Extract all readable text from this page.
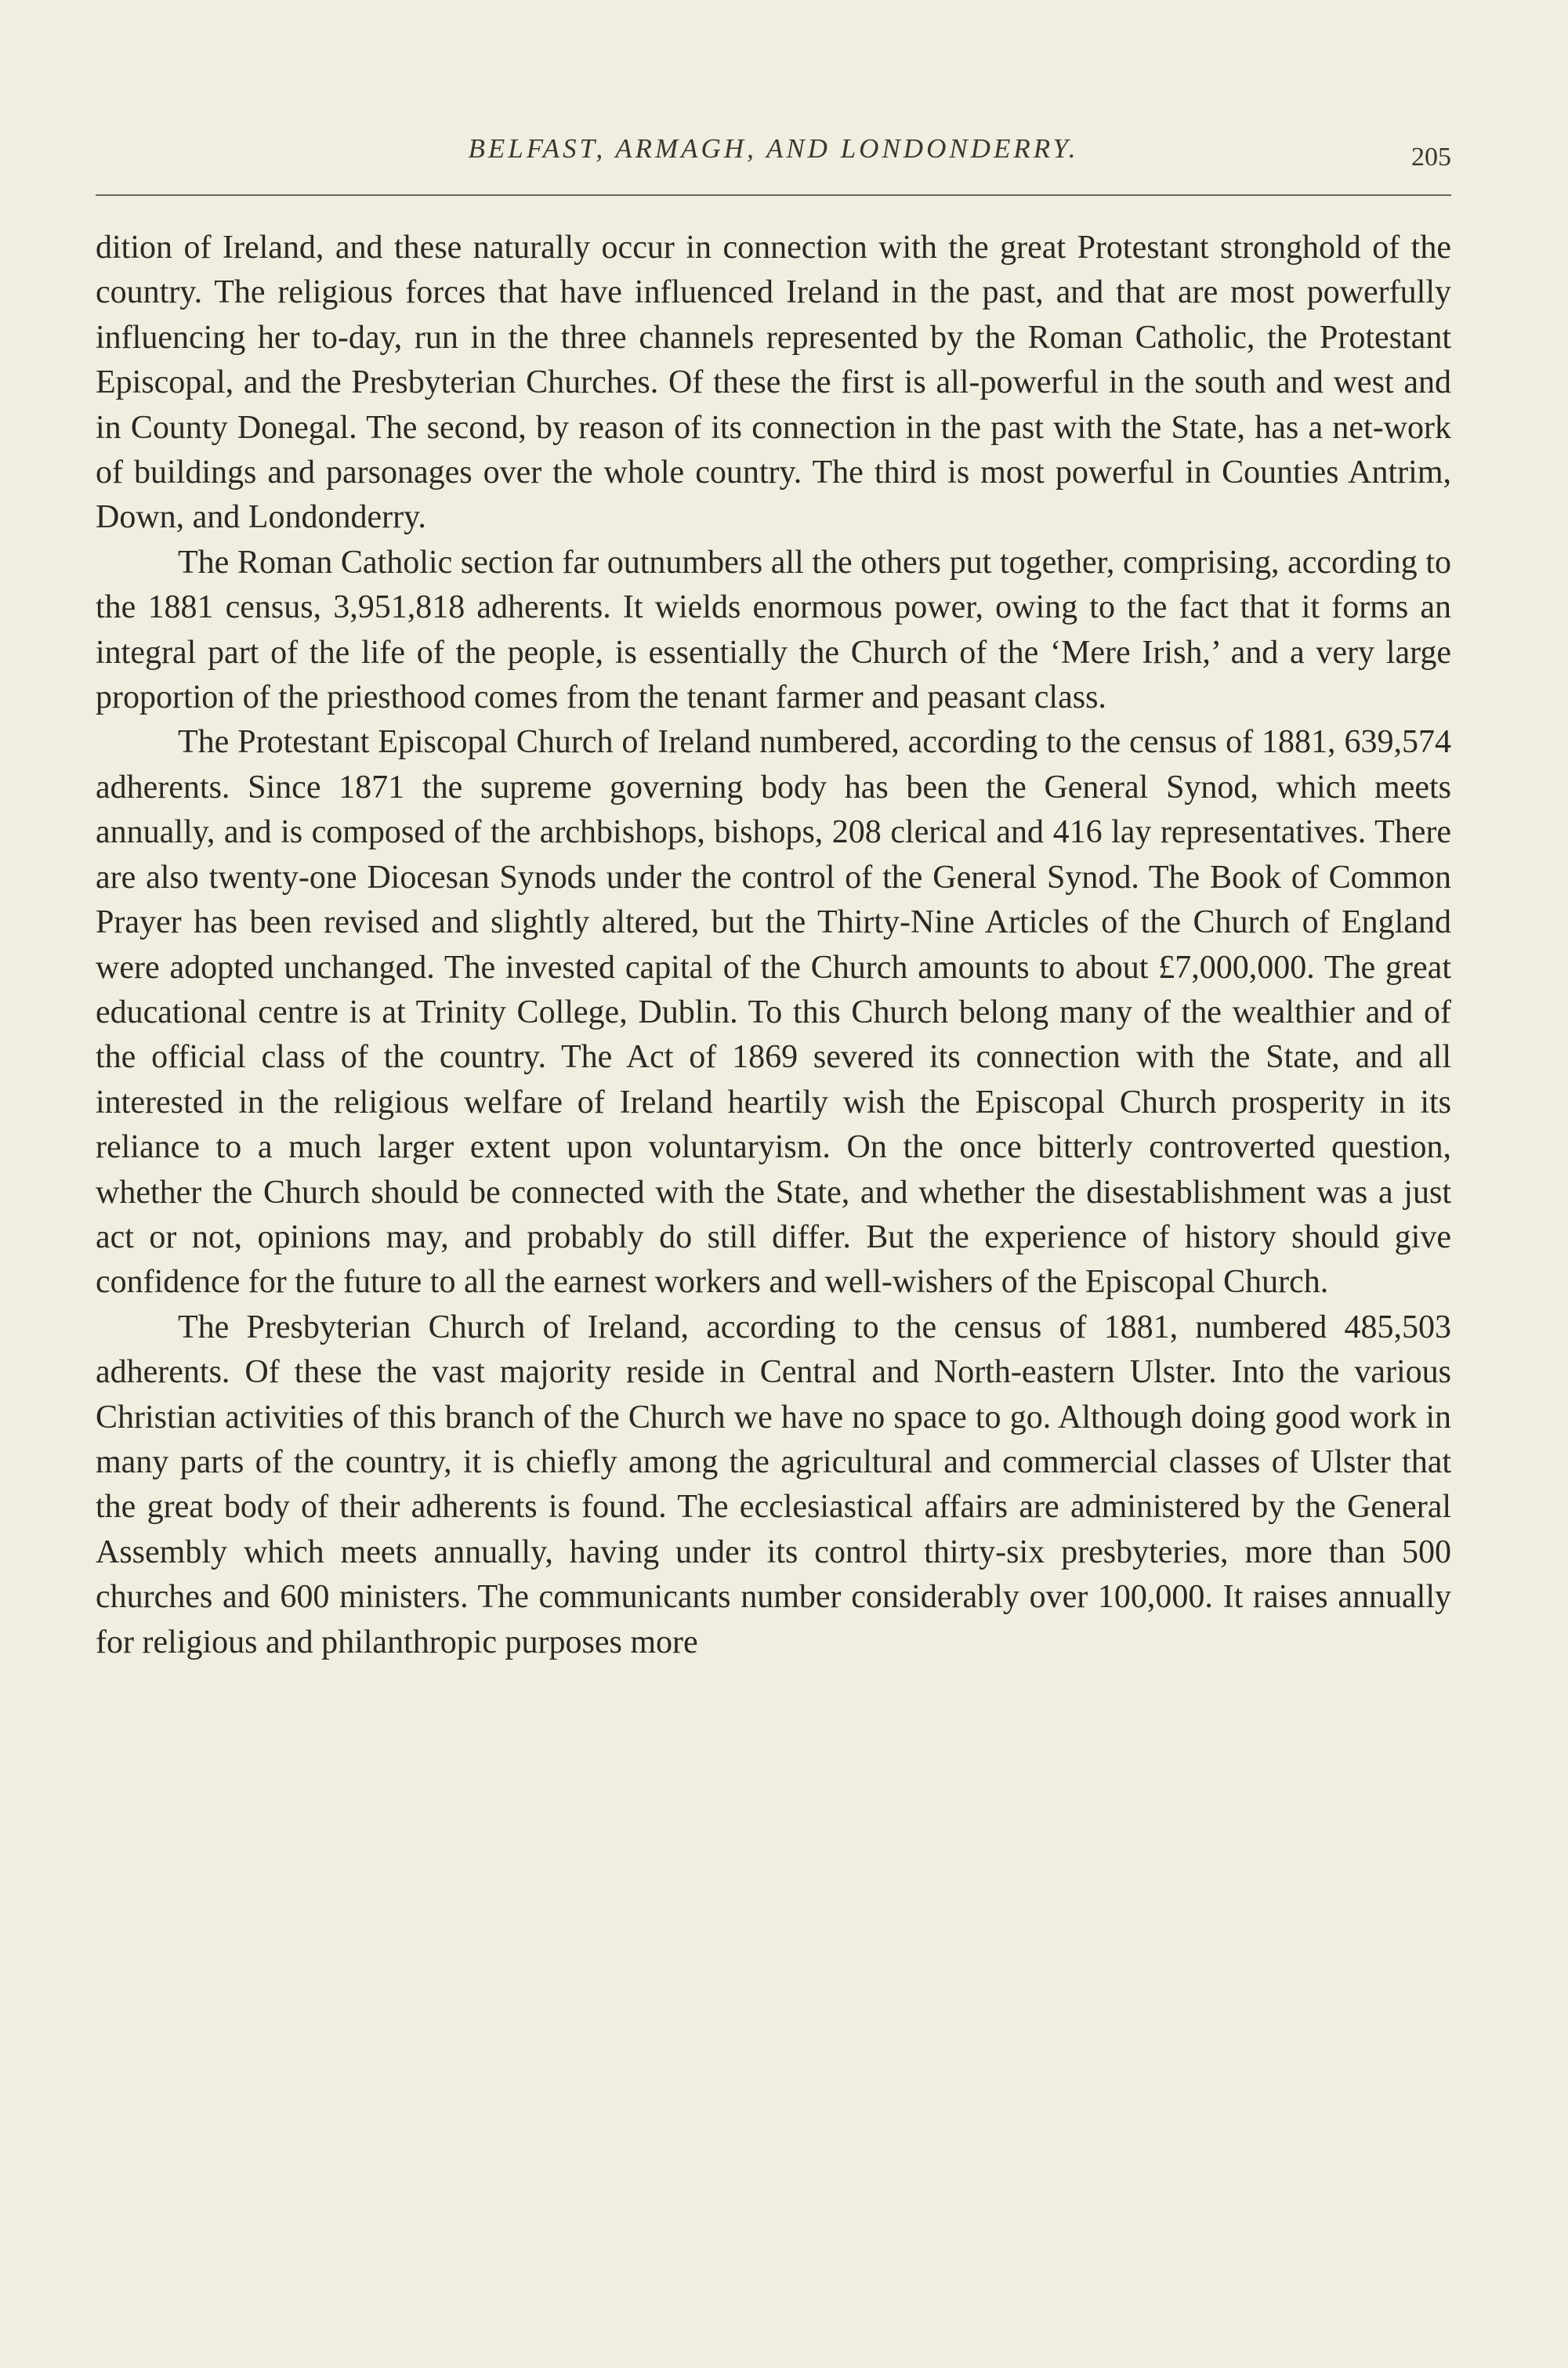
BELFAST, ARMAGH, AND LONDONDERRY.	205

dition of Ireland, and these naturally occur in connection with the great Protestant stronghold of the country. The religious forces that have influenced Ireland in the past, and that are most powerfully influencing her to-day, run in the three channels represented by the Roman Catholic, the Protestant Episcopal, and the Presbyterian Churches. Of these the first is all-powerful in the south and west and in County Donegal. The second, by reason of its connection in the past with the State, has a net-work of buildings and parsonages over the whole country. The third is most powerful in Counties Antrim, Down, and Londonderry.

The Roman Catholic section far outnumbers all the others put together, comprising, according to the 1881 census, 3,951,818 adherents. It wields enormous power, owing to the fact that it forms an integral part of the life of the people, is essentially the Church of the ‘Mere Irish,’ and a very large proportion of the priesthood comes from the tenant farmer and peasant class.

The Protestant Episcopal Church of Ireland numbered, according to the census of 1881, 639,574 adherents. Since 1871 the supreme governing body has been the General Synod, which meets annually, and is composed of the archbishops, bishops, 208 clerical and 416 lay representatives. There are also twenty-one Diocesan Synods under the control of the General Synod. The Book of Common Prayer has been revised and slightly altered, but the Thirty-Nine Articles of the Church of England were adopted unchanged. The invested capital of the Church amounts to about £7,000,000. The great educational centre is at Trinity College, Dublin. To this Church belong many of the wealthier and of the official class of the country. The Act of 1869 severed its connection with the State, and all interested in the religious welfare of Ireland heartily wish the Episcopal Church prosperity in its reliance to a much larger extent upon voluntaryism. On the once bitterly controverted question, whether the Church should be connected with the State, and whether the disestablishment was a just act or not, opinions may, and probably do still differ. But the experience of history should give confidence for the future to all the earnest workers and well-wishers of the Episcopal Church.

The Presbyterian Church of Ireland, according to the census of 1881, numbered 485,503 adherents. Of these the vast majority reside in Central and North-eastern Ulster. Into the various Christian activities of this branch of the Church we have no space to go. Although doing good work in many parts of the country, it is chiefly among the agricultural and commercial classes of Ulster that the great body of their adherents is found. The ecclesiastical affairs are administered by the General Assembly which meets annually, having under its control thirty-six presbyteries, more than 500 churches and 600 ministers. The communicants number considerably over 100,000. It raises annually for religious and philanthropic purposes more
